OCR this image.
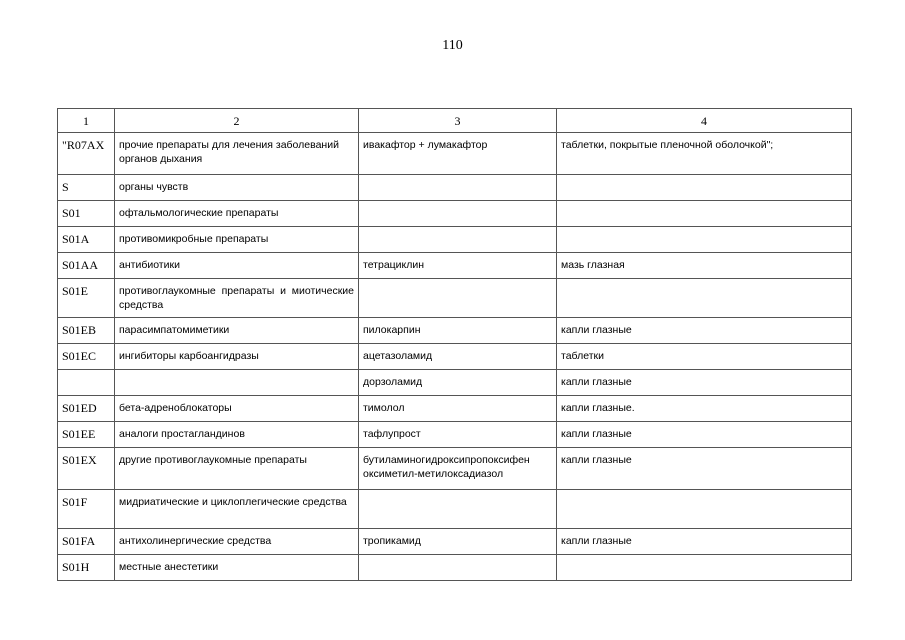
110
1	2	3	4
"R07AX	прочие препараты для лечения заболеваний органов дыхания	ивакафтор + лумакафтор	таблетки, покрытые пленочной оболочкой";
S	органы чувств		
S01	офтальмологические препараты		
S01A	противомикробные препараты		
S01AA	антибиотики	тетрациклин	мазь глазная
S01E	противоглаукомные препараты и миотические средства		
S01EB	парасимпатомиметики	пилокарпин	капли глазные
S01EC	ингибиторы карбоангидразы	ацетазоламид	таблетки
		дорзоламид	капли глазные
S01ED	бета-адреноблокаторы	тимолол	капли глазные.
S01EE	аналоги простагландинов	тафлупрост	капли глазные
S01EX	другие противоглаукомные препараты	бутиламиногидроксипропоксифен оксиметил-метилоксадиазол	капли глазные
S01F	мидриатические и циклоплегические средства		
S01FA	антихолинергические средства	тропикамид	капли глазные
S01H	местные анестетики		
